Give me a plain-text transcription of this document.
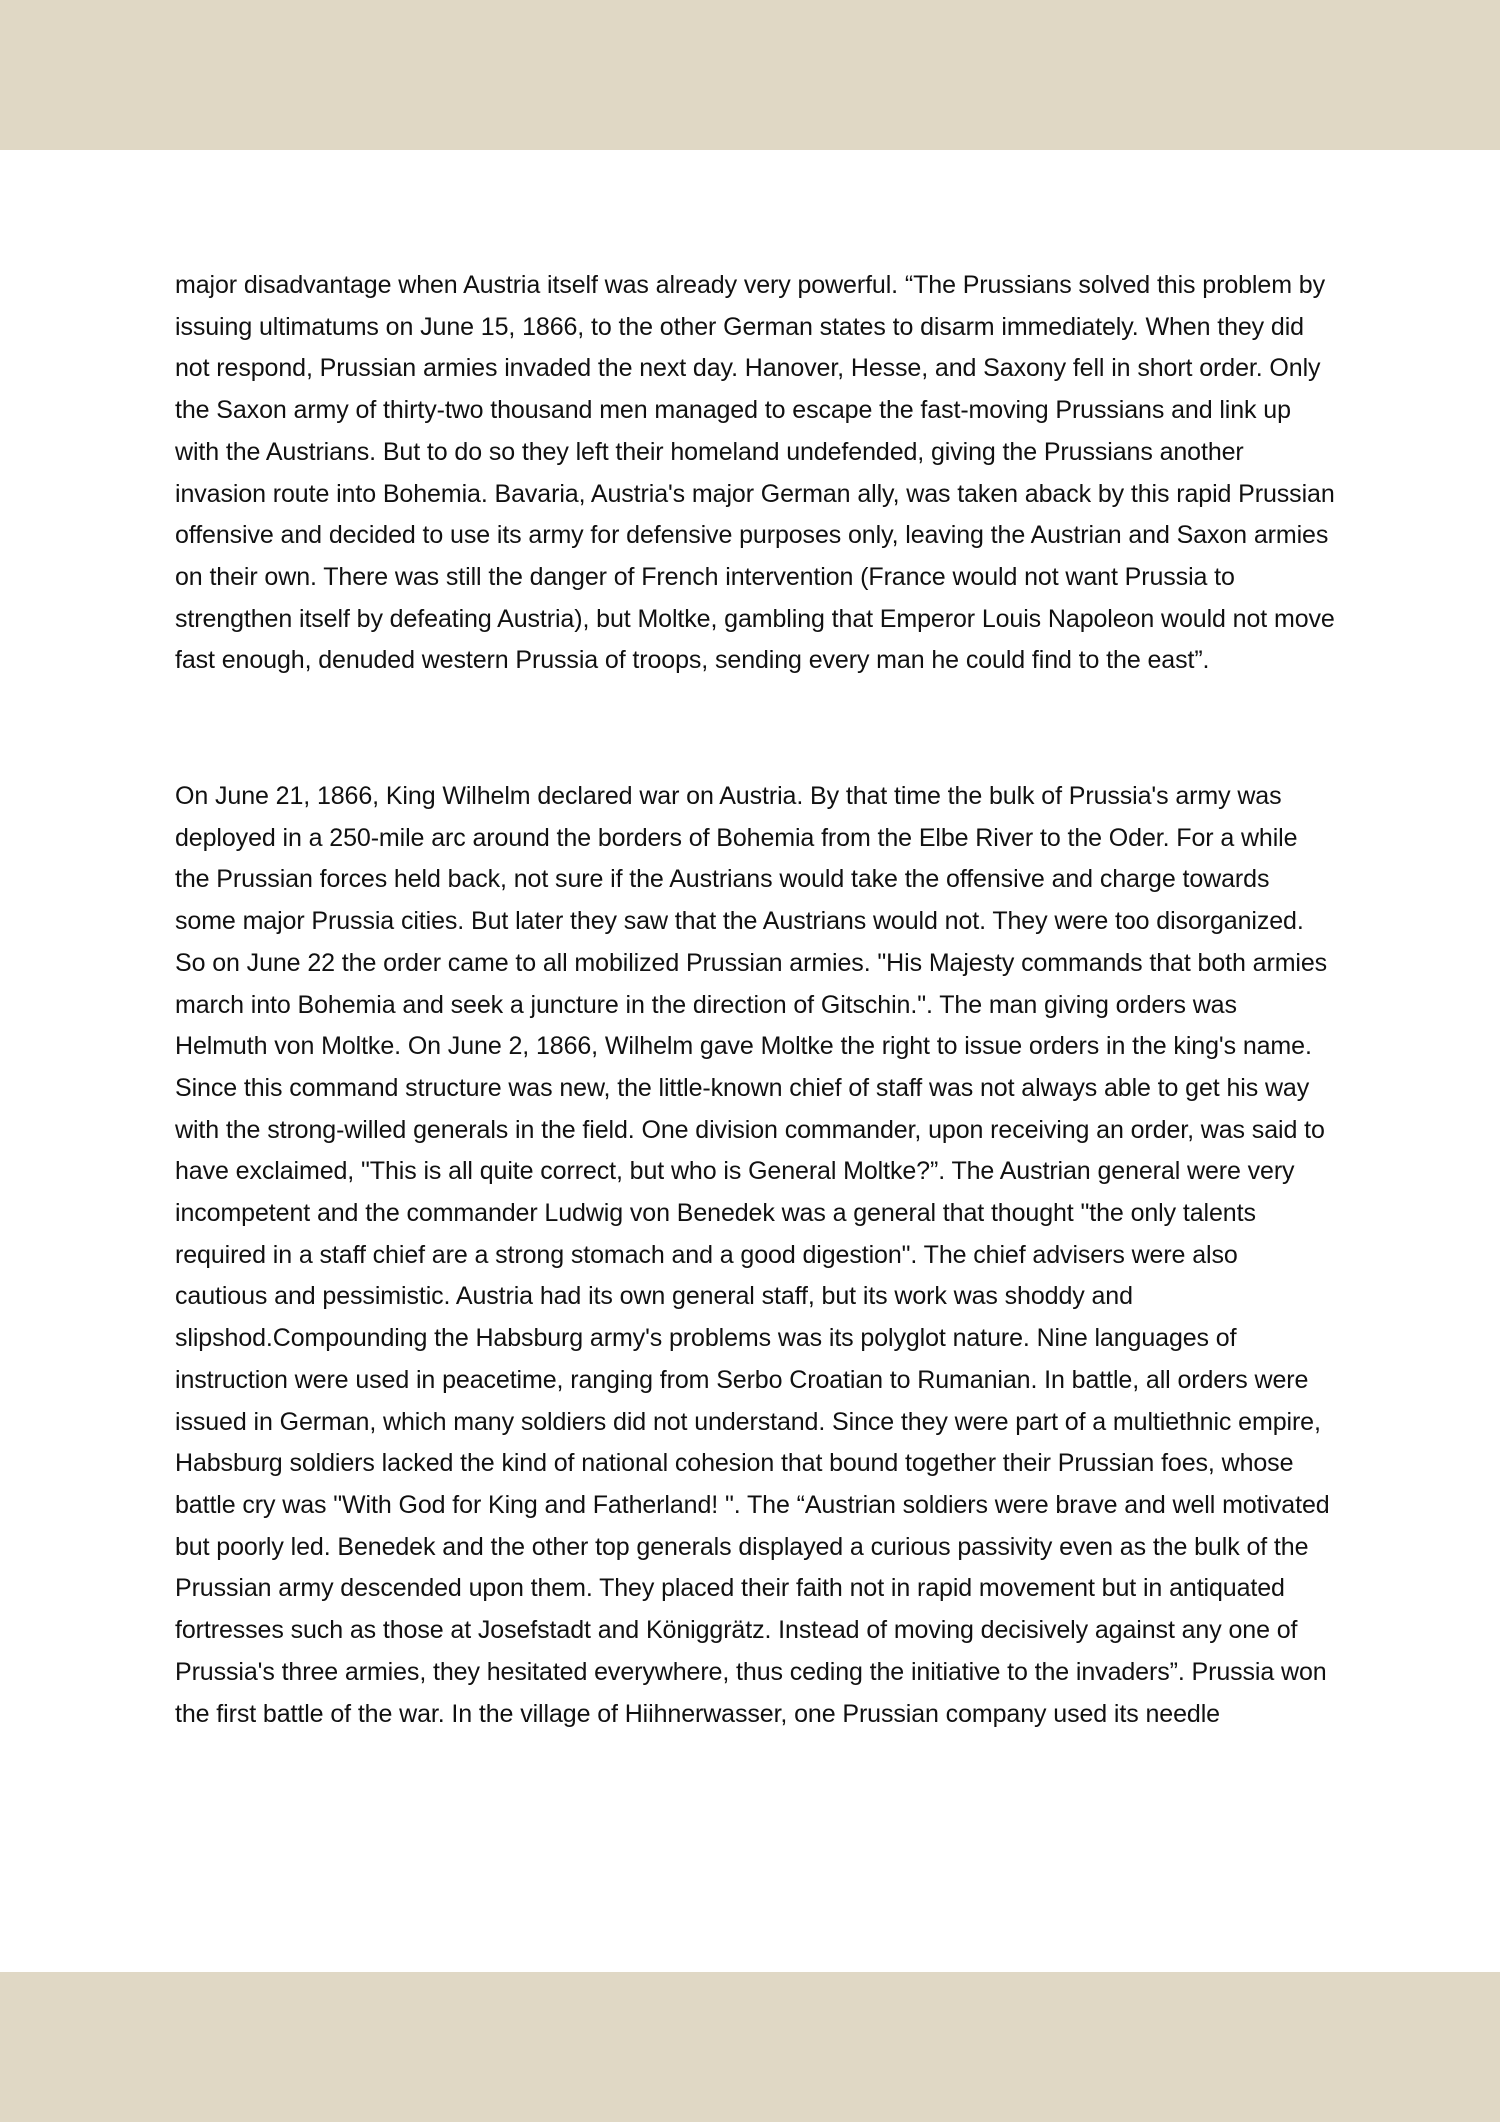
major disadvantage when Austria itself was already very powerful. “The Prussians solved this problem by issuing ultimatums on June 15, 1866, to the other German states to disarm immediately. When they did not respond, Prussian armies invaded the next day. Hanover, Hesse, and Saxony fell in short order. Only the Saxon army of thirty-two thousand men managed to escape the fast-moving Prussians and link up with the Austrians. But to do so they left their homeland undefended, giving the Prussians another invasion route into Bohemia. Bavaria, Austria's major German ally, was taken aback by this rapid Prussian offensive and decided to use its army for defensive purposes only, leaving the Austrian and Saxon armies on their own. There was still the danger of French intervention (France would not want Prussia to strengthen itself by defeating Austria), but Moltke, gambling that Emperor Louis Napoleon would not move fast enough, denuded western Prussia of troops, sending every man he could find to the east”.

On June 21, 1866, King Wilhelm declared war on Austria. By that time the bulk of Prussia's army was deployed in a 250-mile arc around the borders of Bohemia from the Elbe River to the Oder. For a while the Prussian forces held back, not sure if the Austrians would take the offensive and charge towards some major Prussia cities. But later they saw that the Austrians would not. They were too disorganized. So on June 22 the order came to all mobilized Prussian armies. "His Majesty commands that both armies march into Bohemia and seek a juncture in the direction of Gitschin.". The man giving orders was Helmuth von Moltke. On June 2, 1866, Wilhelm gave Moltke the right to issue orders in the king's name. Since this command structure was new, the little-known chief of staff was not always able to get his way with the strong-willed generals in the field. One division commander, upon receiving an order, was said to have exclaimed, "This is all quite correct, but who is General Moltke?”. The Austrian general were very incompetent and the commander Ludwig von Benedek was a general that thought "the only talents required in a staff chief are a strong stomach and a good digestion". The chief advisers were also cautious and pessimistic. Austria had its own general staff, but its work was shoddy and slipshod.Compounding the Habsburg army's problems was its polyglot nature. Nine languages of instruction were used in peacetime, ranging from Serbo Croatian to Rumanian. In battle, all orders were issued in German, which many soldiers did not understand. Since they were part of a multiethnic empire, Habsburg soldiers lacked the kind of national cohesion that bound together their Prussian foes, whose battle cry was "With God for King and Fatherland! ". The “Austrian soldiers were brave and well motivated but poorly led. Benedek and the other top generals displayed a curious passivity even as the bulk of the Prussian army descended upon them. They placed their faith not in rapid movement but in antiquated fortresses such as those at Josefstadt and Königgrätz. Instead of moving decisively against any one of Prussia's three armies, they hesitated everywhere, thus ceding the initiative to the invaders”. Prussia won the first battle of the war. In the village of Hiihnerwasser, one Prussian company used its needle
